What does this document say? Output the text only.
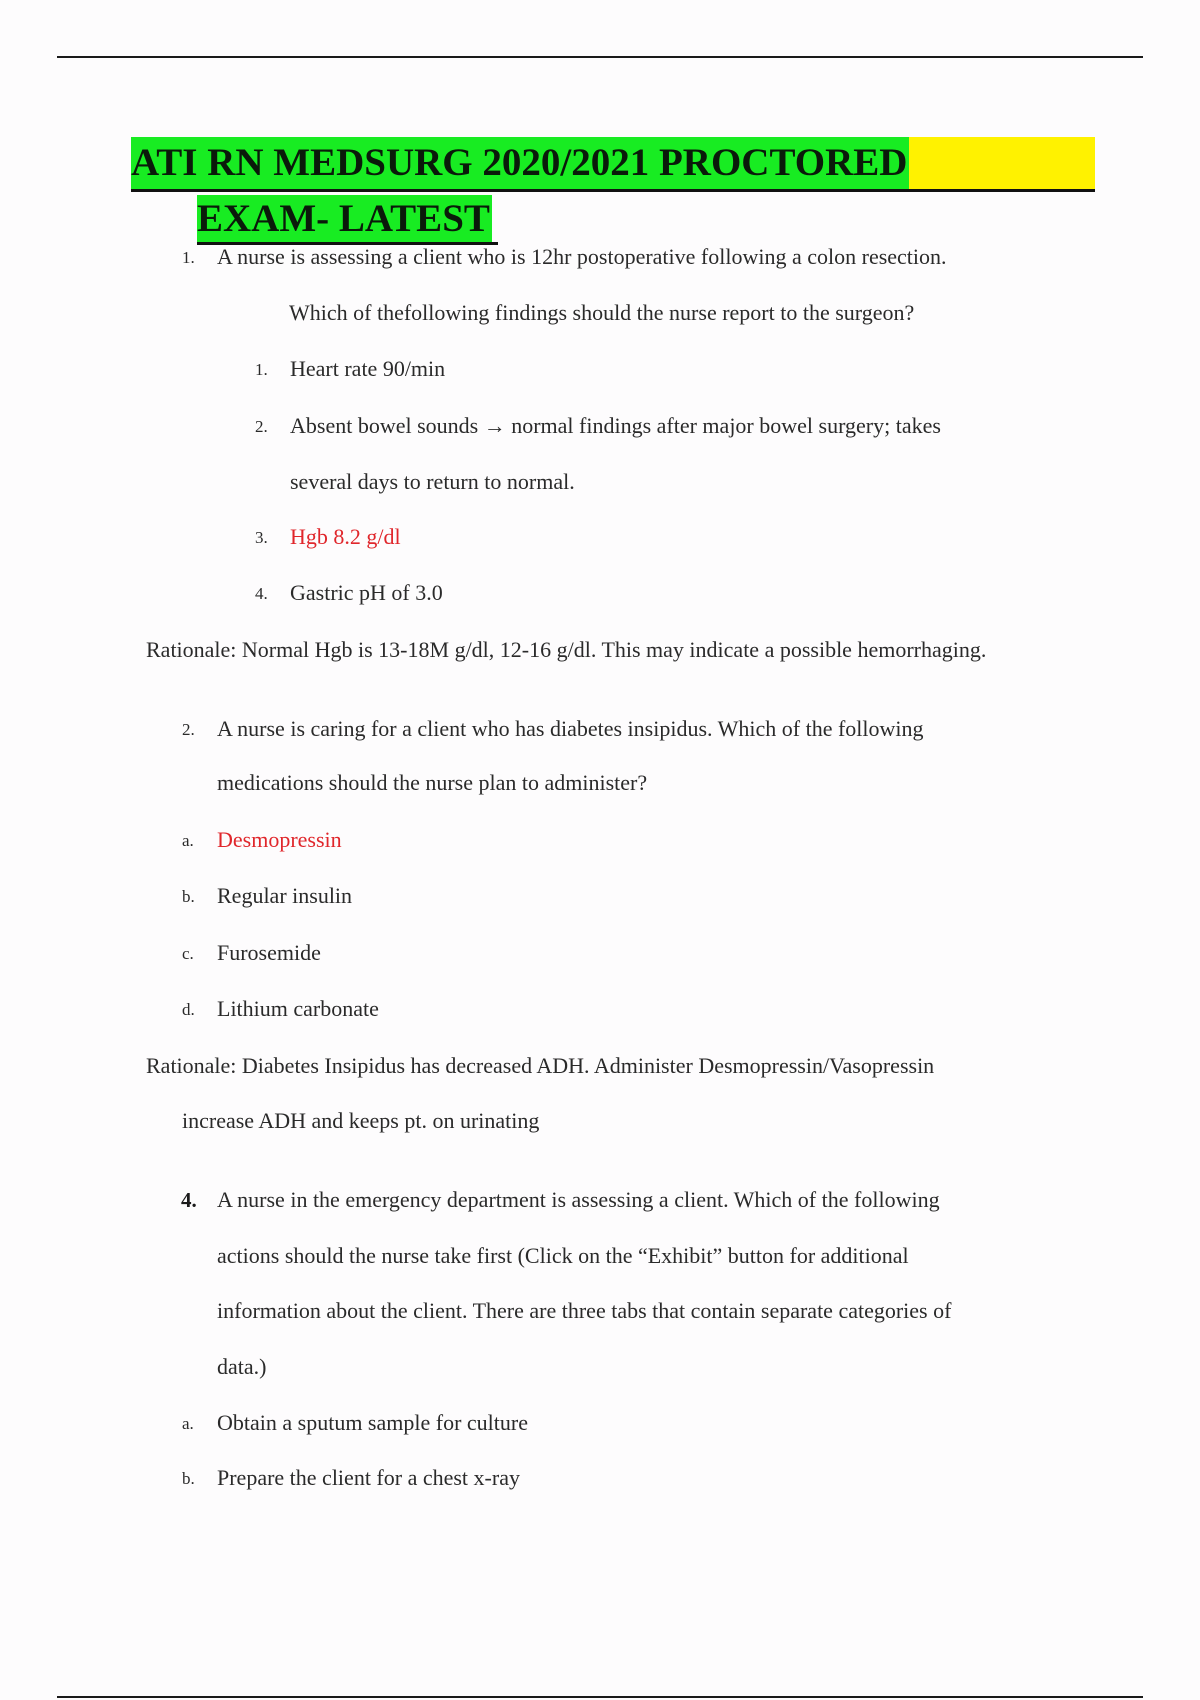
ATI RN MEDSURG 2020/2021 PROCTORED
EXAM- LATEST
1. A nurse is assessing a client who is 12hr postoperative following a colon resection.
Which of thefollowing findings should the nurse report to the surgeon?
1. Heart rate 90/min
2. Absent bowel sounds → normal findings after major bowel surgery; takes
several days to return to normal.
3. Hgb 8.2 g/dl
4. Gastric pH of 3.0
Rationale: Normal Hgb is 13-18M g/dl, 12-16 g/dl. This may indicate a possible hemorrhaging.
2. A nurse is caring for a client who has diabetes insipidus. Which of the following
medications should the nurse plan to administer?
a. Desmopressin
b. Regular insulin
c. Furosemide
d. Lithium carbonate
Rationale: Diabetes Insipidus has decreased ADH. Administer Desmopressin/Vasopressin
increase ADH and keeps pt. on urinating
4. A nurse in the emergency department is assessing a client. Which of the following
actions should the nurse take first (Click on the “Exhibit” button for additional
information about the client. There are three tabs that contain separate categories of
data.)
a. Obtain a sputum sample for culture
b. Prepare the client for a chest x-ray
